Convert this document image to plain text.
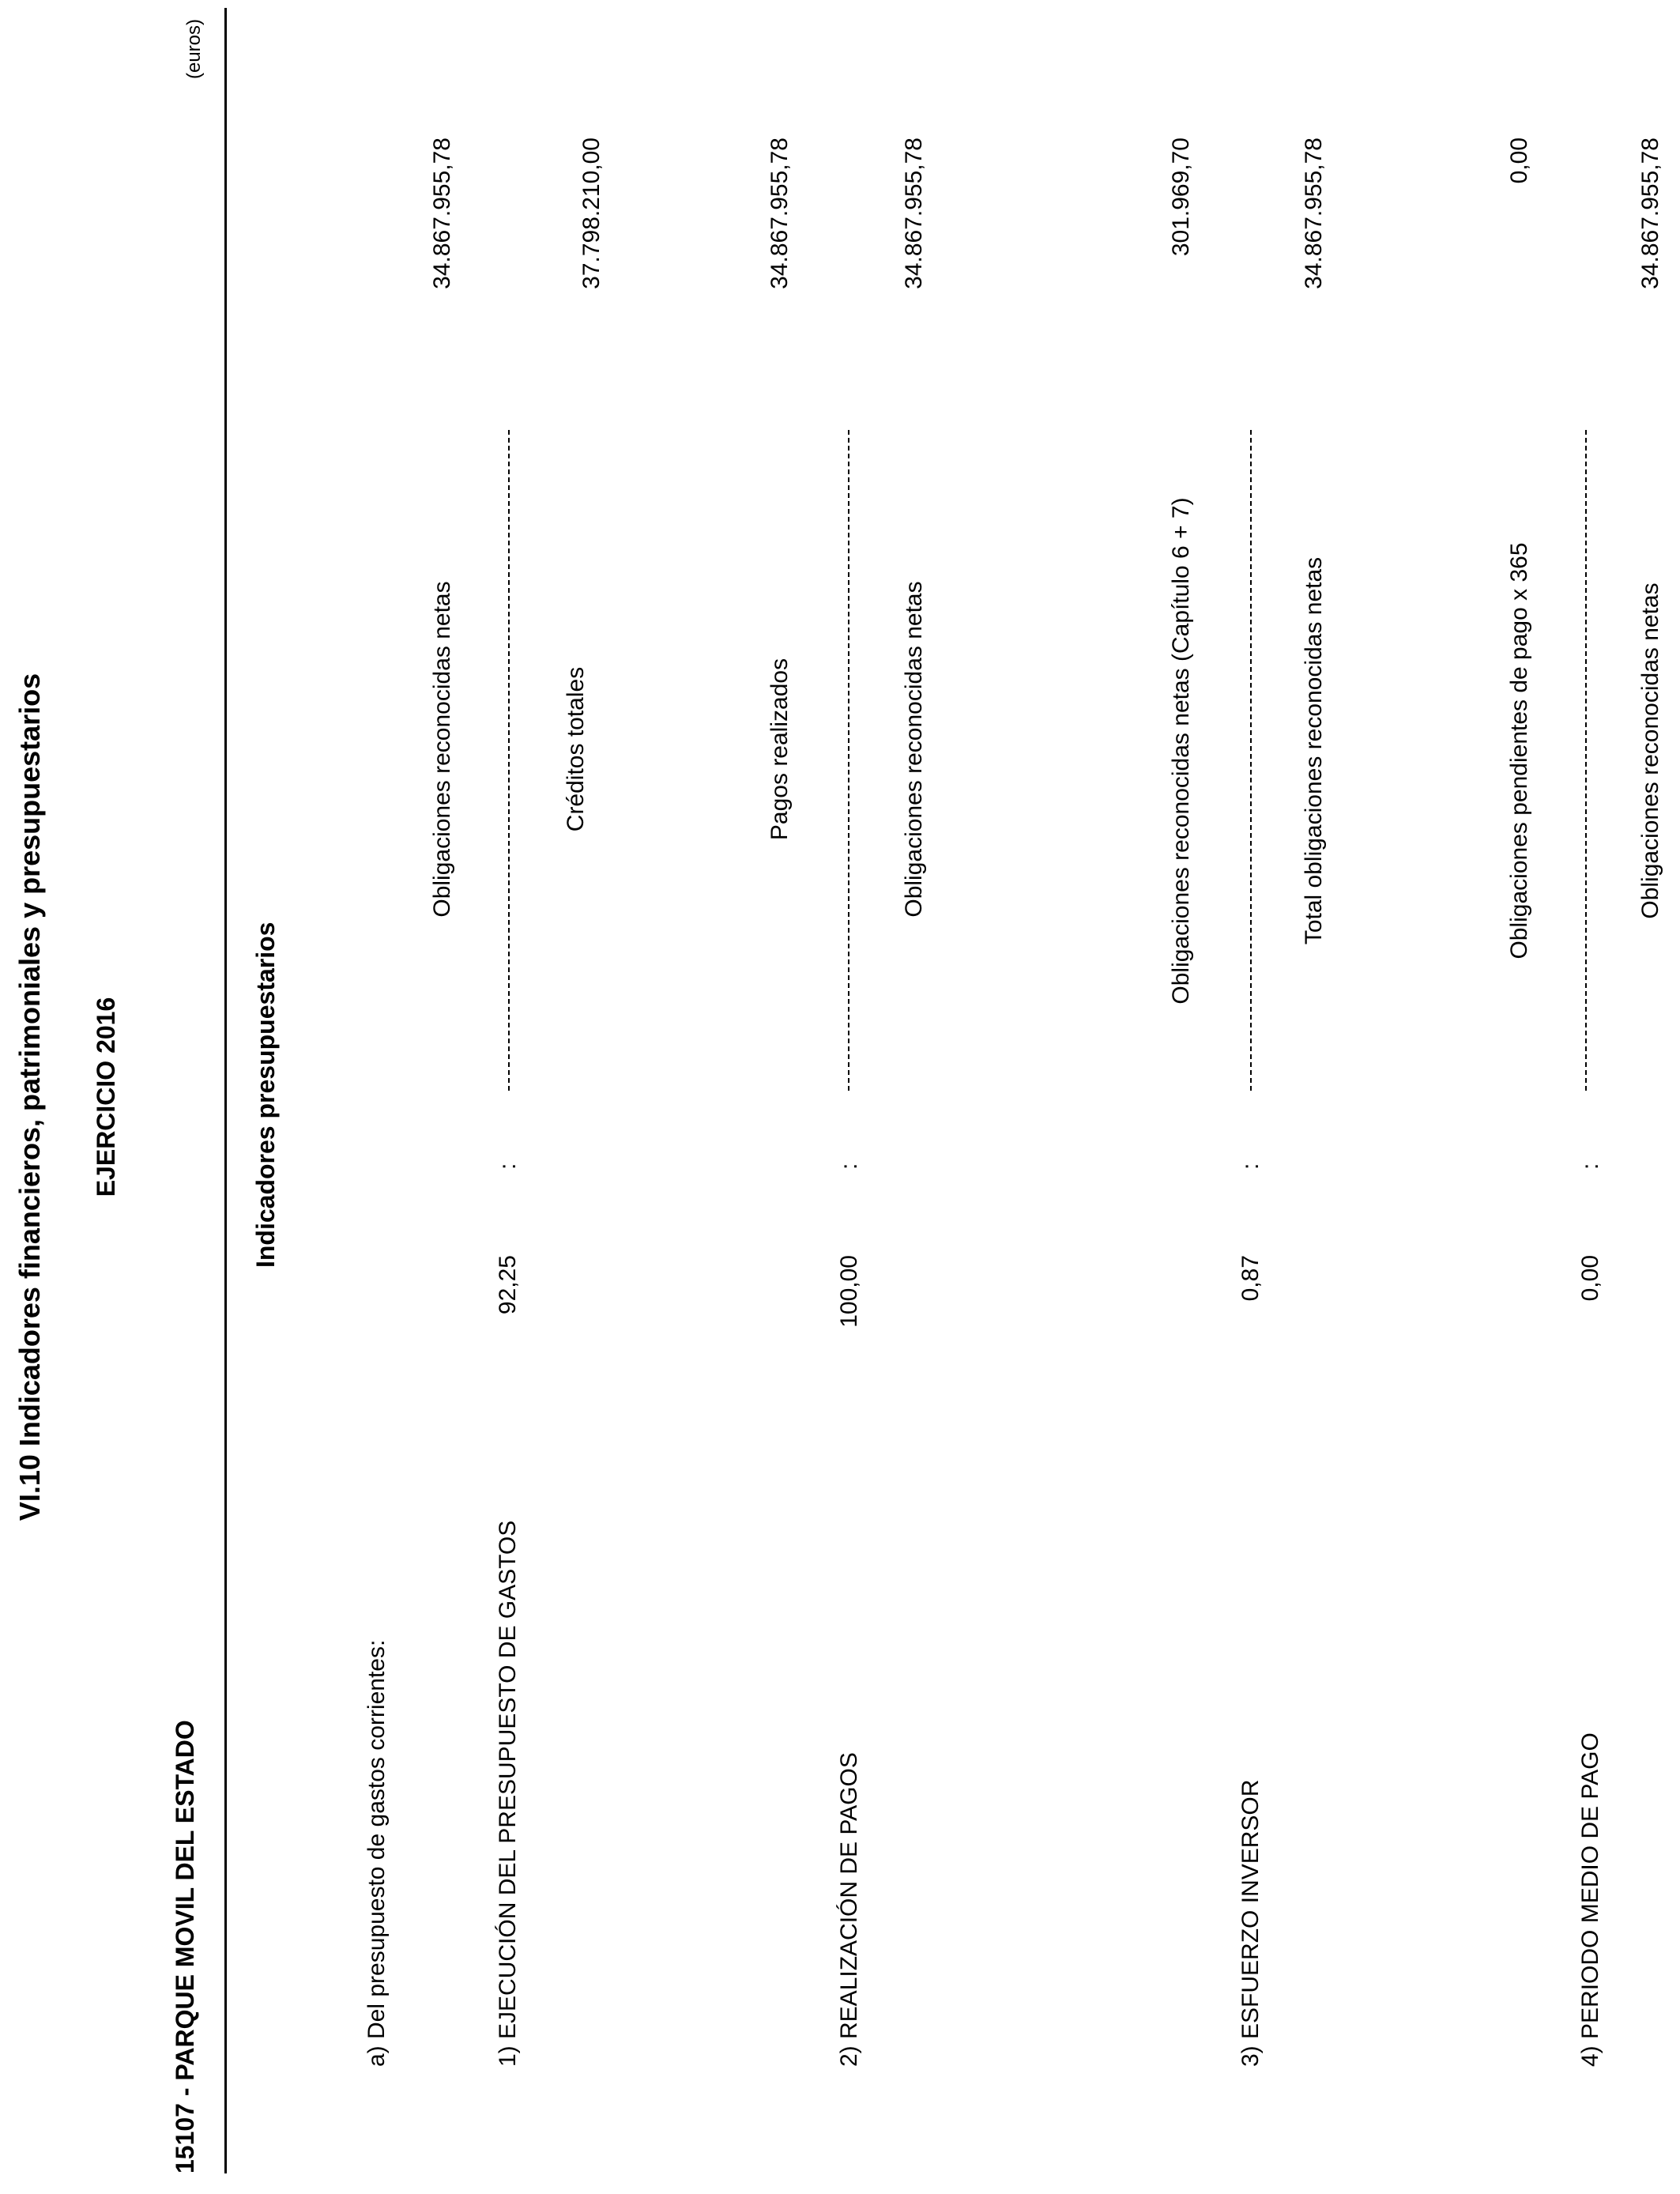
VI.10 Indicadores financieros, patrimoniales y presupuestarios EJERCICIO 2016
15107 - PARQUE MOVIL DEL ESTADO
(euros)
Indicadores presupuestarios
a) Del presupuesto de gastos corrientes:	1) EJECUCIÓN DEL PRESUPUESTO DE GASTOS
92,25
:
Obligaciones reconocidas netas
34.867.955,78
Créditos totales
37.798.210,00
2) REALIZACIÓN DE PAGOS
100,00
:
Pagos realizados
34.867.955,78
Obligaciones reconocidas netas
34.867.955,78
3) ESFUERZO INVERSOR
0,87
:
Obligaciones reconocidas netas (Capítulo 6 + 7)
301.969,70
Total obligaciones reconocidas netas
34.867.955,78
4) PERIODO MEDIO DE PAGO
0,00
:
Obligaciones pendientes de pago x 365
0,00
Obligaciones reconocidas netas
34.867.955,78
